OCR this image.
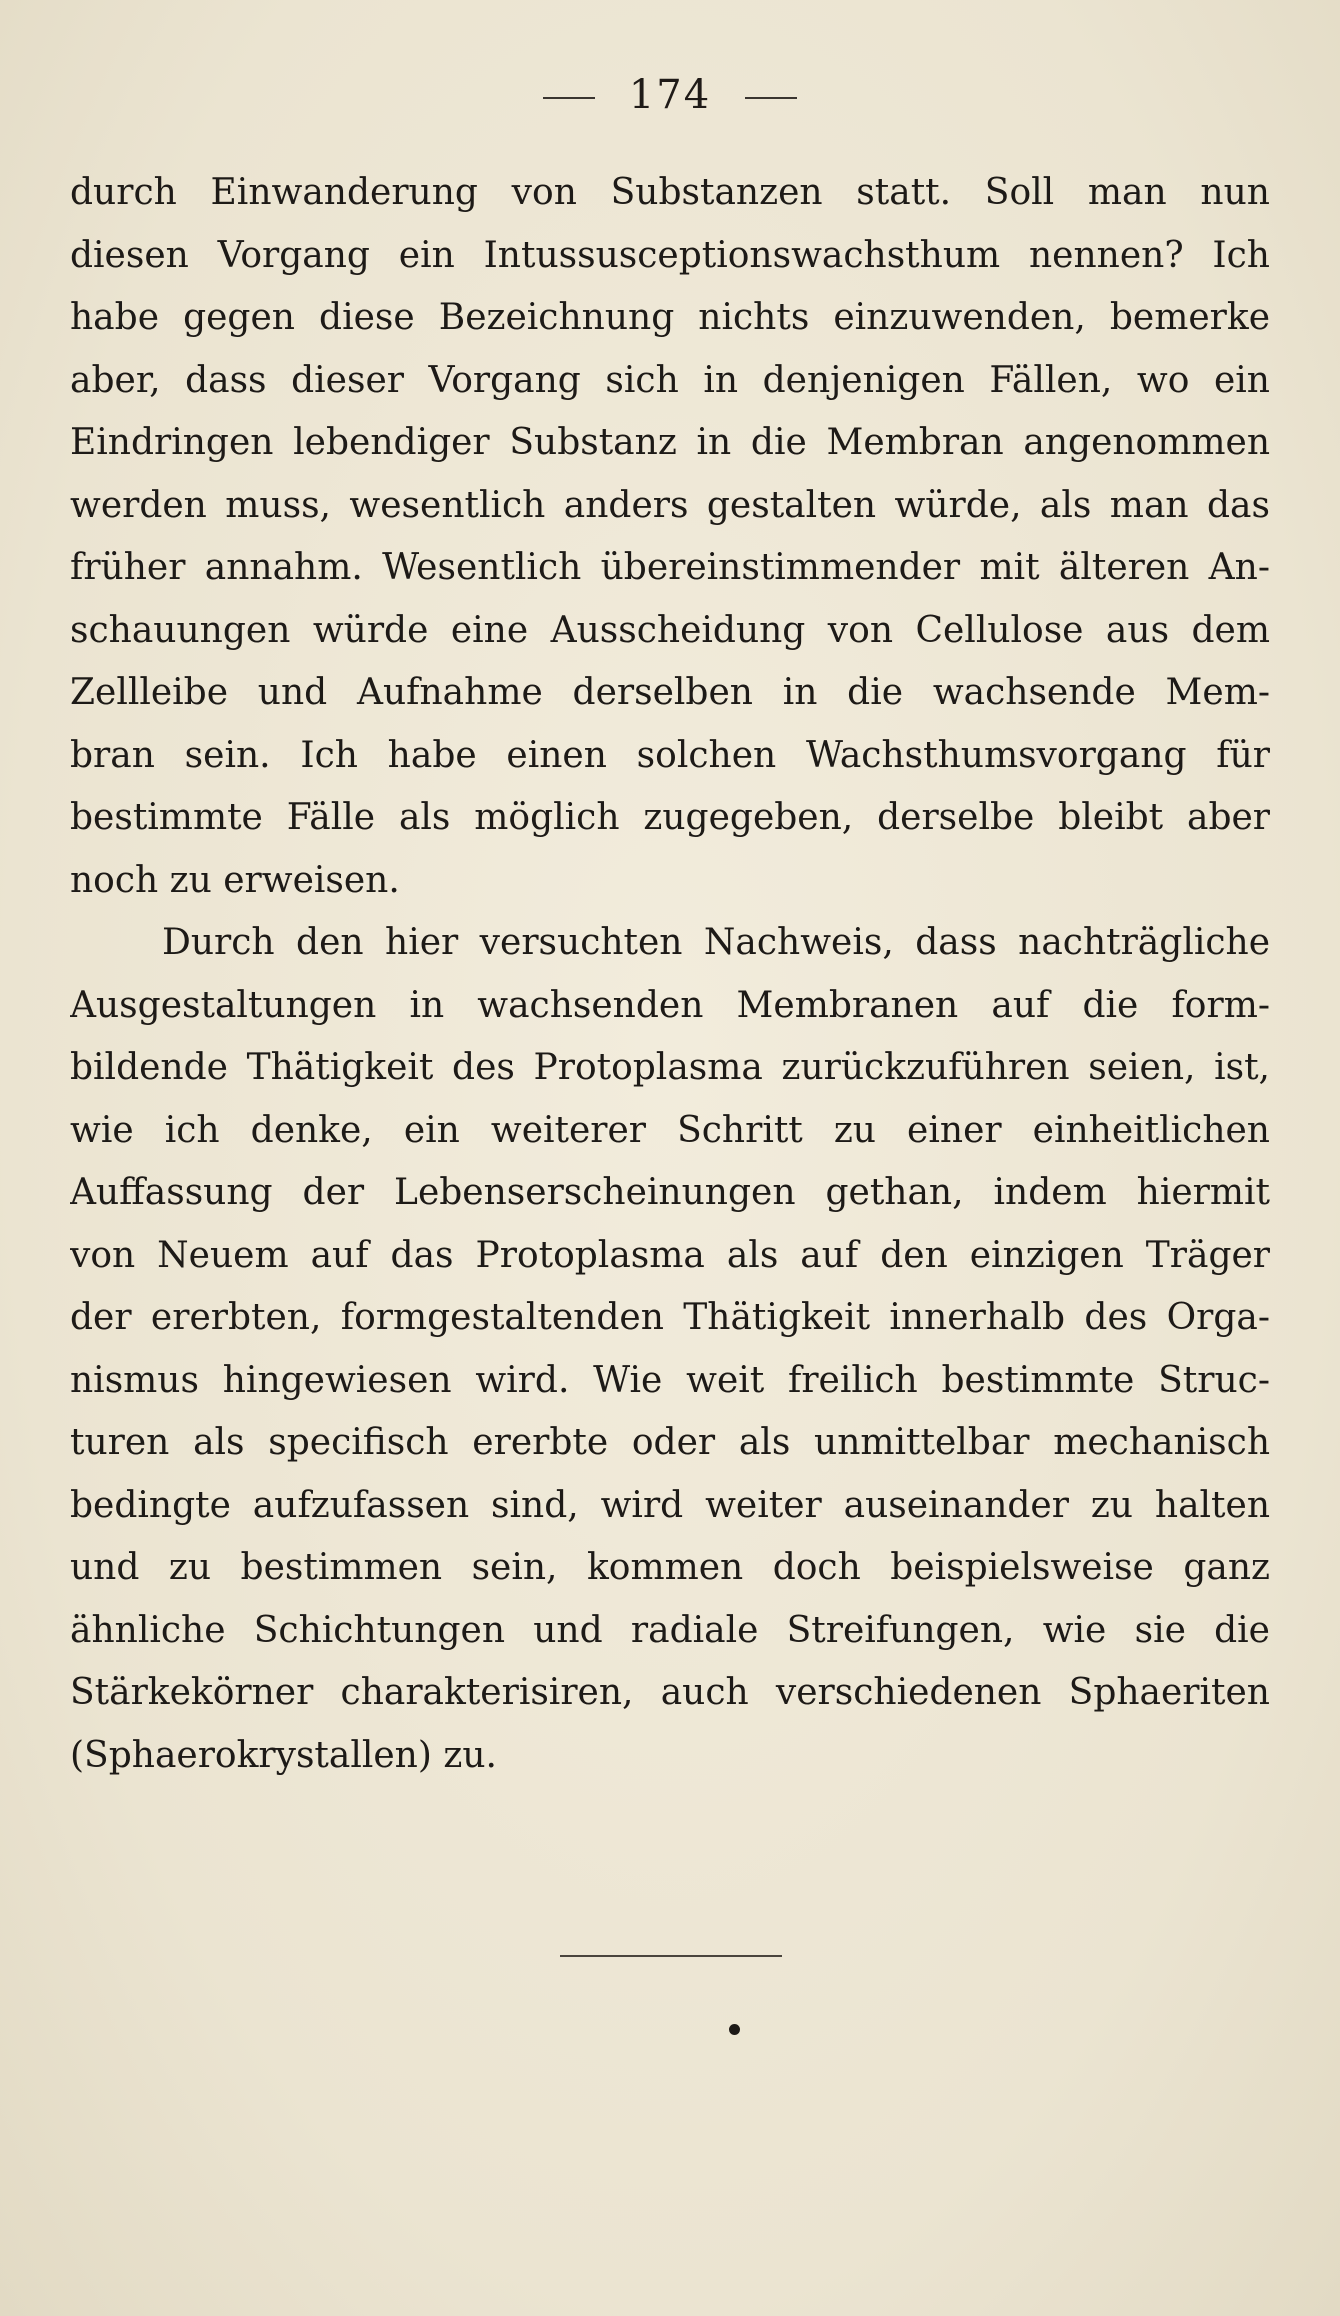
174
durch Einwanderung von Substanzen statt. Soll man nun
diesen Vorgang ein Intussusceptionswachsthum nennen? Ich
habe gegen diese Bezeichnung nichts einzuwenden, bemerke
aber, dass dieser Vorgang sich in denjenigen Fällen, wo ein
Eindringen lebendiger Substanz in die Membran angenommen
werden muss, wesentlich anders gestalten würde, als man das
früher annahm. Wesentlich übereinstimmender mit älteren An-
schauungen würde eine Ausscheidung von Cellulose aus dem
Zellleibe und Aufnahme derselben in die wachsende Mem-
bran sein. Ich habe einen solchen Wachsthumsvorgang für
bestimmte Fälle als möglich zugegeben, derselbe bleibt aber
noch zu erweisen.
Durch den hier versuchten Nachweis, dass nachträgliche
Ausgestaltungen in wachsenden Membranen auf die form-
bildende Thätigkeit des Protoplasma zurückzuführen seien, ist,
wie ich denke, ein weiterer Schritt zu einer einheitlichen
Auffassung der Lebenserscheinungen gethan, indem hiermit
von Neuem auf das Protoplasma als auf den einzigen Träger
der ererbten, formgestaltenden Thätigkeit innerhalb des Orga-
nismus hingewiesen wird. Wie weit freilich bestimmte Struc-
turen als specifisch ererbte oder als unmittelbar mechanisch
bedingte aufzufassen sind, wird weiter auseinander zu halten
und zu bestimmen sein, kommen doch beispielsweise ganz
ähnliche Schichtungen und radiale Streifungen, wie sie die
Stärkekörner charakterisiren, auch verschiedenen Sphaeriten
(Sphaerokrystallen) zu.
